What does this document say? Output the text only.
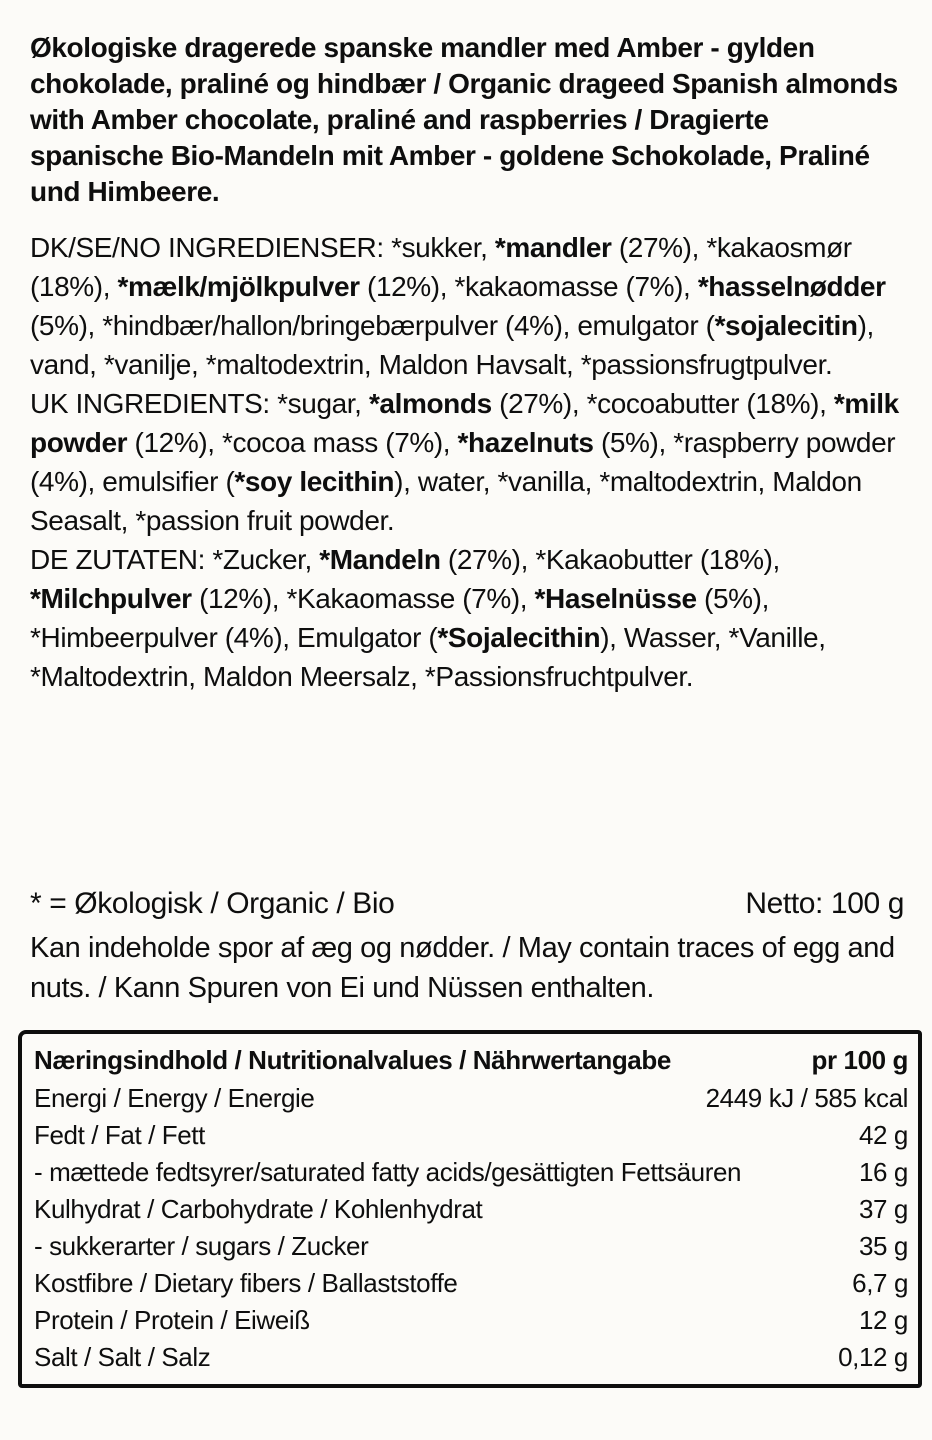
Økologiske dragerede spanske mandler med Amber - gylden chokolade, praliné og hindbær / Organic drageed Spanish almonds with Amber chocolate, praliné and raspberries / Dragierte spanische Bio-Mandeln mit Amber - goldene Schokolade, Praliné und Himbeere.

DK/SE/NO INGREDIENSER: *sukker, *mandler (27%), *kakaosmør (18%), *mælk/mjölkpulver (12%), *kakaomasse (7%), *hasselnødder (5%), *hindbær/hallon/bringebærpulver (4%), emulgator (*sojalecitin), vand, *vanilje, *maltodextrin, Maldon Havsalt, *passionsfrugtpulver.

UK INGREDIENTS: *sugar, *almonds (27%), *cocoabutter (18%), *milk powder (12%), *cocoa mass (7%), *hazelnuts (5%), *raspberry powder (4%), emulsifier (*soy lecithin), water, *vanilla, *maltodextrin, Maldon Seasalt, *passion fruit powder.

DE ZUTATEN: *Zucker, *Mandeln (27%), *Kakaobutter (18%), *Milchpulver (12%), *Kakaomasse (7%), *Haselnüsse (5%), *Himbeerpulver (4%), Emulgator (*Sojalecithin), Wasser, *Vanille, *Maltodextrin, Maldon Meersalz, *Passionsfruchtpulver.

* = Økologisk / Organic / Bio	Netto: 100 g
Kan indeholde spor af æg og nødder. / May contain traces of egg and nuts. / Kann Spuren von Ei und Nüssen enthalten.
Næringsindhold / Nutritionalvalues / Nährwertangabe	pr 100 g
Energi / Energy / Energie	2449 kJ / 585 kcal
Fedt / Fat / Fett	42 g
- mættede fedtsyrer/saturated fatty acids/gesättigten Fettsäuren	16 g
Kulhydrat / Carbohydrate / Kohlenhydrat	37 g
- sukkerarter / sugars / Zucker	35 g
Kostfibre / Dietary fibers / Ballaststoffe	6,7 g
Protein / Protein / Eiweiß	12 g
Salt / Salt / Salz	0,12 g
